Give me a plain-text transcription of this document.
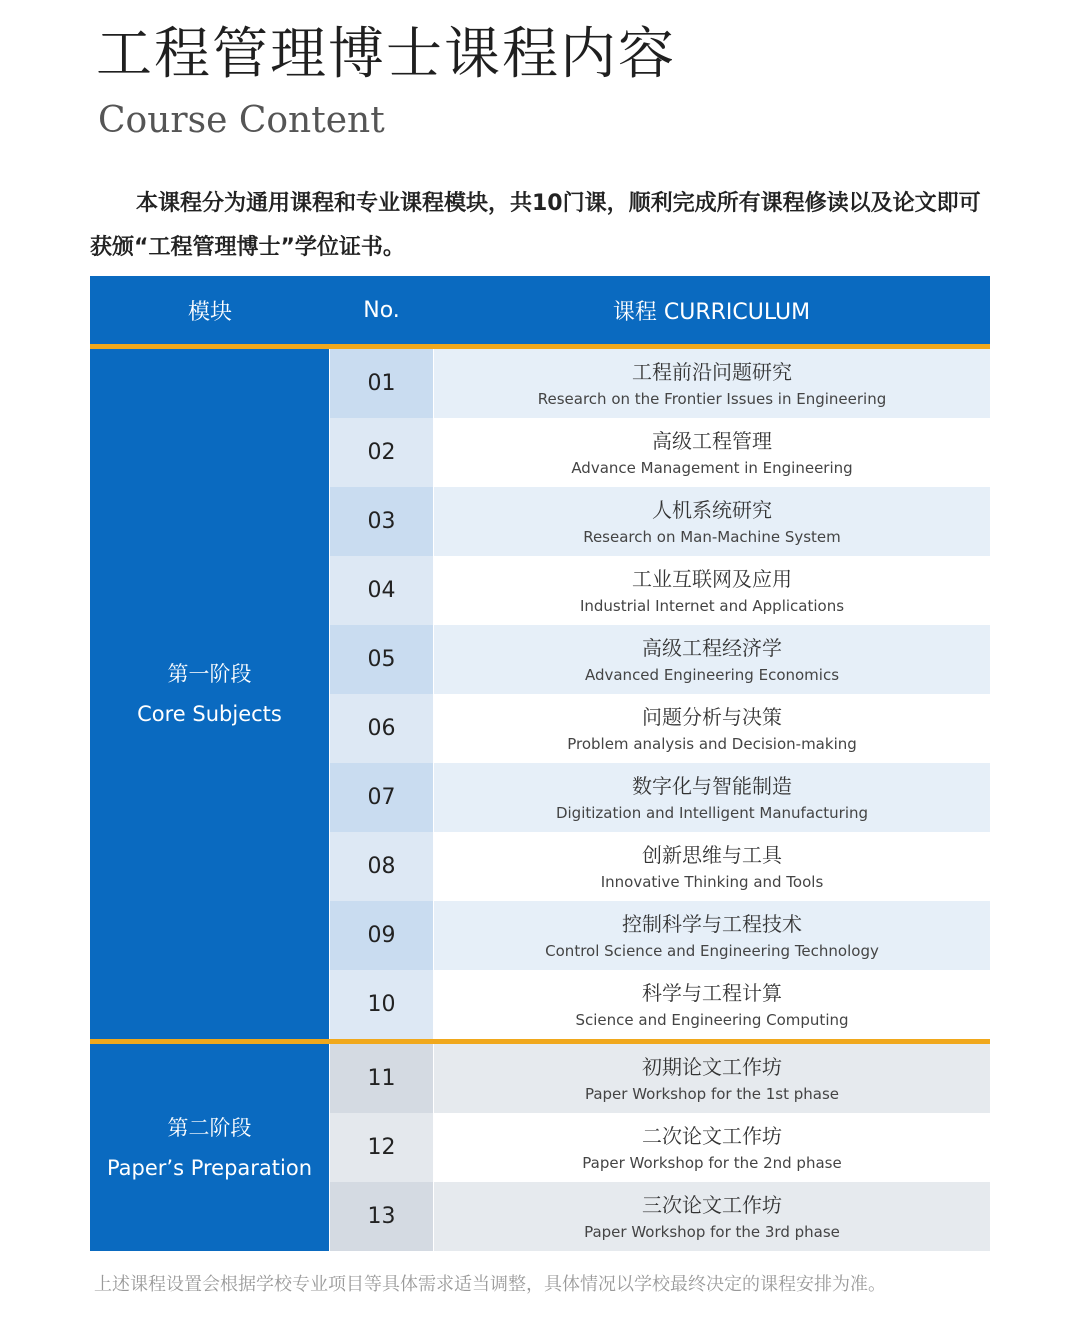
工程管理博士课程内容
Course Content
本课程分为通用课程和专业课程模块，共10门课，顺利完成所有课程修读以及论文即可获颁“工程管理博士”学位证书。
模块	No.	课程 CURRICULUM
第一阶段
Core Subjects
01	工程前沿问题研究
Research on the Frontier Issues in Engineering
02	高级工程管理
Advance Management in Engineering
03	人机系统研究
Research on Man-Machine System
04	工业互联网及应用
Industrial Internet and Applications
05	高级工程经济学
Advanced Engineering Economics
06	问题分析与决策
Problem analysis and Decision-making
07	数字化与智能制造
Digitization and Intelligent Manufacturing
08	创新思维与工具
Innovative Thinking and Tools
09	控制科学与工程技术
Control Science and Engineering Technology
10	科学与工程计算
Science and Engineering Computing
第二阶段
Paper’s Preparation
11	初期论文工作坊
Paper Workshop for the 1st phase
12	二次论文工作坊
Paper Workshop for the 2nd phase
13	三次论文工作坊
Paper Workshop for the 3rd phase
上述课程设置会根据学校专业项目等具体需求适当调整，具体情况以学校最终决定的课程安排为准。
